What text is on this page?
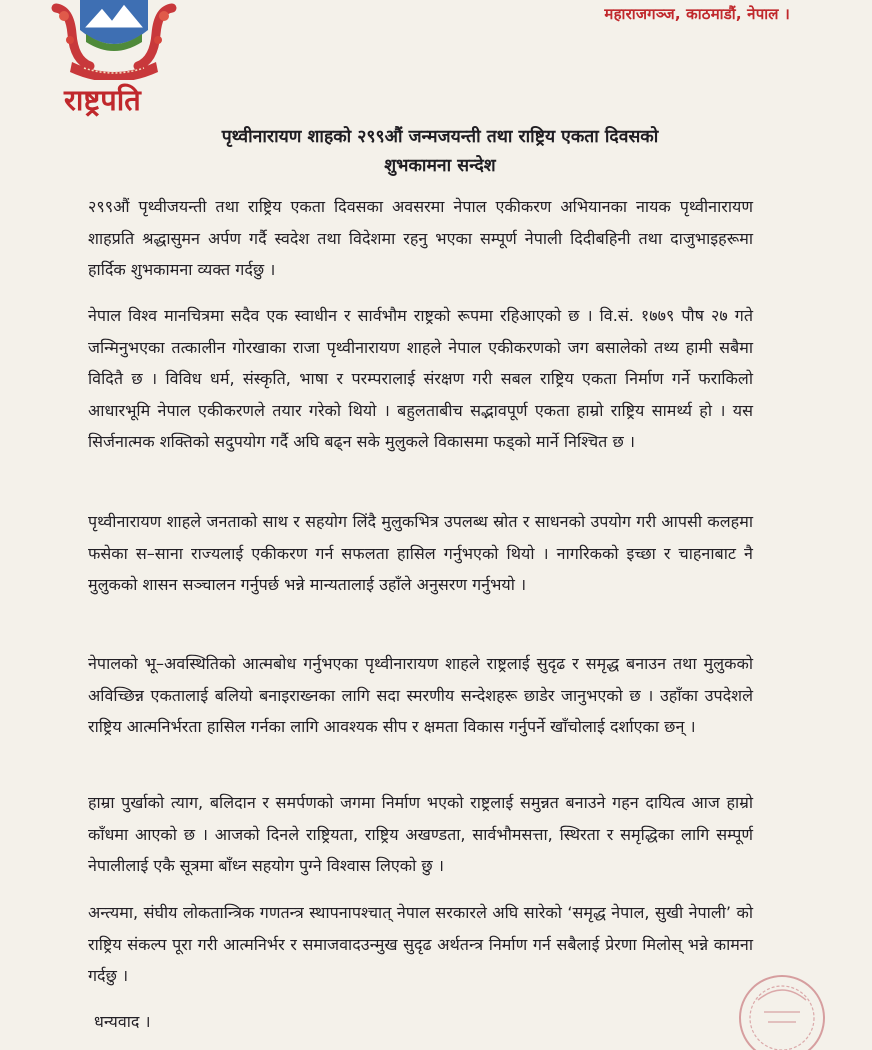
महाराजगञ्ज, काठमाडौं, नेपाल ।
राष्ट्रपति
पृथ्वीनारायण शाहको २९९औं जन्मजयन्ती तथा राष्ट्रिय एकता दिवसको
शुभकामना सन्देश

२९९औं पृथ्वीजयन्ती तथा राष्ट्रिय एकता दिवसका अवसरमा नेपाल एकीकरण अभियानका नायक पृथ्वीनारायण शाहप्रति श्रद्धासुमन अर्पण गर्दै स्वदेश तथा विदेशमा रहनु भएका सम्पूर्ण नेपाली दिदीबहिनी तथा दाजुभाइहरूमा हार्दिक शुभकामना व्यक्त गर्दछु ।

नेपाल विश्व मानचित्रमा सदैव एक स्वाधीन र सार्वभौम राष्ट्रको रूपमा रहिआएको छ । वि.सं. १७७९ पौष २७ गते जन्मिनुभएका तत्कालीन गोरखाका राजा पृथ्वीनारायण शाहले नेपाल एकीकरणको जग बसालेको तथ्य हामी सबैमा विदितै छ । विविध धर्म, संस्कृति, भाषा र परम्परालाई संरक्षण गरी सबल राष्ट्रिय एकता निर्माण गर्ने फराकिलो आधारभूमि नेपाल एकीकरणले तयार गरेको थियो । बहुलताबीच सद्भावपूर्ण एकता हाम्रो राष्ट्रिय सामर्थ्य हो । यस सिर्जनात्मक शक्तिको सदुपयोग गर्दै अघि बढ्न सके मुलुकले विकासमा फड्को मार्ने निश्चित छ ।

पृथ्वीनारायण शाहले जनताको साथ र सहयोग लिंदै मुलुकभित्र उपलब्ध स्रोत र साधनको उपयोग गरी आपसी कलहमा फसेका स–साना राज्यलाई एकीकरण गर्न सफलता हासिल गर्नुभएको थियो । नागरिकको इच्छा र चाहनाबाट नै मुलुकको शासन सञ्चालन गर्नुपर्छ भन्ने मान्यतालाई उहाँले अनुसरण गर्नुभयो ।

नेपालको भू–अवस्थितिको आत्मबोध गर्नुभएका पृथ्वीनारायण शाहले राष्ट्रलाई सुदृढ र समृद्ध बनाउन तथा मुलुकको अविच्छिन्न एकतालाई बलियो बनाइराख्नका लागि सदा स्मरणीय सन्देशहरू छाडेर जानुभएको छ । उहाँका उपदेशले राष्ट्रिय आत्मनिर्भरता हासिल गर्नका लागि आवश्यक सीप र क्षमता विकास गर्नुपर्ने खाँचोलाई दर्शाएका छन् ।

हाम्रा पुर्खाको त्याग, बलिदान र समर्पणको जगमा निर्माण भएको राष्ट्रलाई समुन्नत बनाउने गहन दायित्व आज हाम्रो काँधमा आएको छ । आजको दिनले राष्ट्रियता, राष्ट्रिय अखण्डता, सार्वभौमसत्ता, स्थिरता र समृद्धिका लागि सम्पूर्ण नेपालीलाई एकै सूत्रमा बाँध्न सहयोग पुग्ने विश्वास लिएको छु ।

अन्त्यमा, संघीय लोकतान्त्रिक गणतन्त्र स्थापनापश्चात् नेपाल सरकारले अघि सारेको ‘समृद्ध नेपाल, सुखी नेपाली’ को राष्ट्रिय संकल्प पूरा गरी आत्मनिर्भर र समाजवादउन्मुख सुदृढ अर्थतन्त्र निर्माण गर्न सबैलाई प्रेरणा मिलोस् भन्ने कामना गर्दछु ।

धन्यवाद ।
